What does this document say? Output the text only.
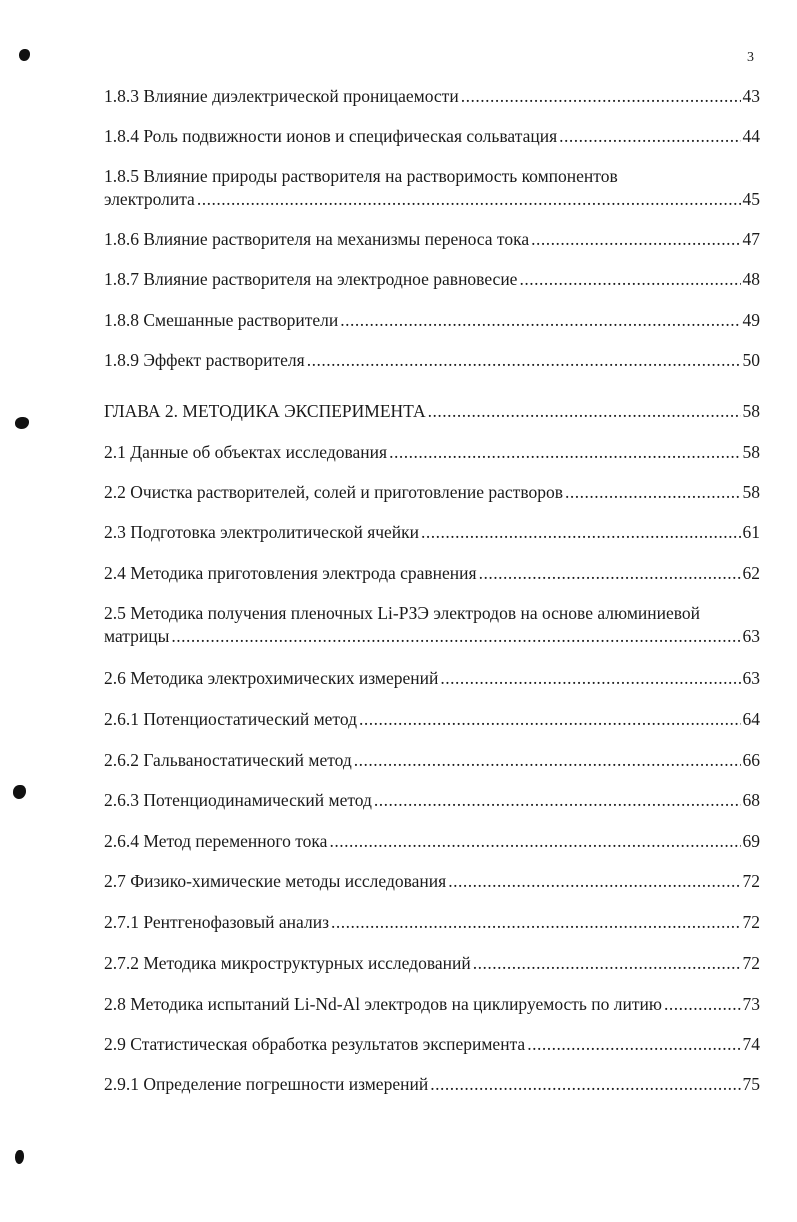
3
1.8.3 Влияние диэлектрической проницаемости .....	43
1.8.4 Роль подвижности ионов и специфическая сольватация .....	44
1.8.5 Влияние природы растворителя на растворимость компонентов
электролита .....	45
1.8.6 Влияние растворителя на механизмы переноса тока .....	47
1.8.7 Влияние растворителя на электродное равновесие .....	48
1.8.8 Смешанные растворители .....	49
1.8.9 Эффект растворителя .....	50
ГЛАВА 2. МЕТОДИКА ЭКСПЕРИМЕНТА .....	58
2.1 Данные об объектах исследования .....	58
2.2 Очистка растворителей, солей и приготовление растворов .....	58
2.3 Подготовка электролитической ячейки .....	61
2.4 Методика приготовления электрода сравнения .....	62
2.5 Методика получения пленочных Li-РЗЭ электродов на основе алюминиевой
матрицы .....	63
2.6 Методика электрохимических измерений .....	63
2.6.1 Потенциостатический метод .....	64
2.6.2 Гальваностатический метод .....	66
2.6.3 Потенциодинамический метод .....	68
2.6.4 Метод переменного тока .....	69
2.7 Физико-химические методы исследования .....	72
2.7.1 Рентгенофазовый анализ .....	72
2.7.2 Методика микроструктурных исследований .....	72
2.8 Методика испытаний Li-Nd-Al электродов на циклируемость по литию .....	73
2.9 Статистическая обработка результатов эксперимента .....	74
2.9.1 Определение погрешности измерений .....	75
